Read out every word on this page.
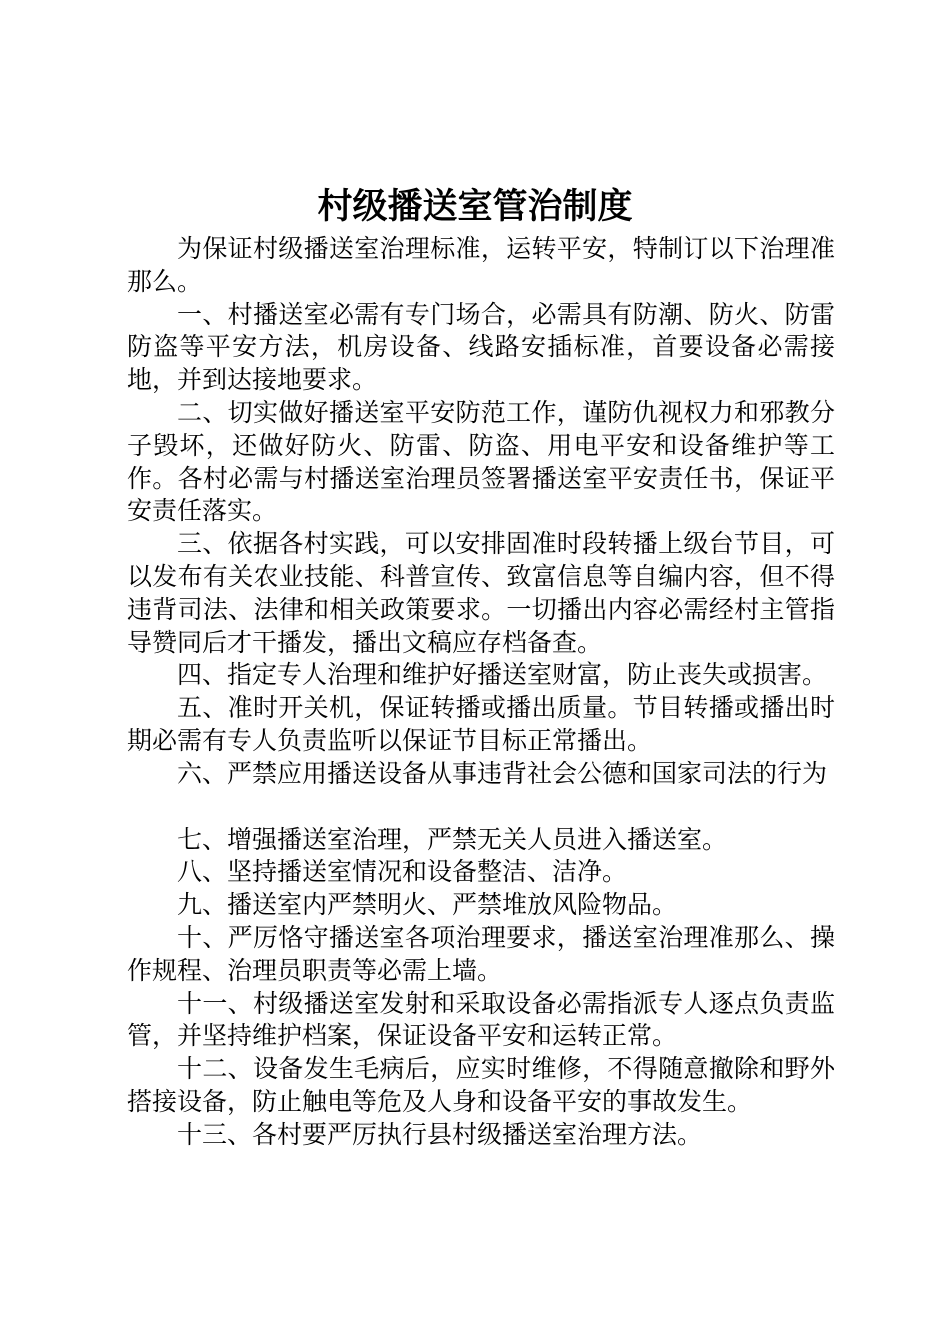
村级播送室管治制度

为保证村级播送室治理标准，运转平安，特制订以下治理准那么。

一、村播送室必需有专门场合，必需具有防潮、防火、防雷防盗等平安方法，机房设备、线路安插标准，首要设备必需接地，并到达接地要求。

二、切实做好播送室平安防范工作，谨防仇视权力和邪教分子毁坏，还做好防火、防雷、防盗、用电平安和设备维护等工作。各村必需与村播送室治理员签署播送室平安责任书，保证平安责任落实。

三、依据各村实践，可以安排固准时段转播上级台节目，可以发布有关农业技能、科普宣传、致富信息等自编内容，但不得违背司法、法律和相关政策要求。一切播出内容必需经村主管指导赞同后才干播发，播出文稿应存档备查。

四、指定专人治理和维护好播送室财富，防止丧失或损害。

五、准时开关机，保证转播或播出质量。节目转播或播出时期必需有专人负责监听以保证节目标正常播出。

六、严禁应用播送设备从事违背社会公德和国家司法的行为

七、增强播送室治理，严禁无关人员进入播送室。

八、坚持播送室情况和设备整洁、洁净。

九、播送室内严禁明火、严禁堆放风险物品。

十、严厉恪守播送室各项治理要求，播送室治理准那么、操作规程、治理员职责等必需上墙。

十一、村级播送室发射和采取设备必需指派专人逐点负责监管，并坚持维护档案，保证设备平安和运转正常。

十二、设备发生毛病后，应实时维修，不得随意撤除和野外搭接设备，防止触电等危及人身和设备平安的事故发生。

十三、各村要严厉执行县村级播送室治理方法。
